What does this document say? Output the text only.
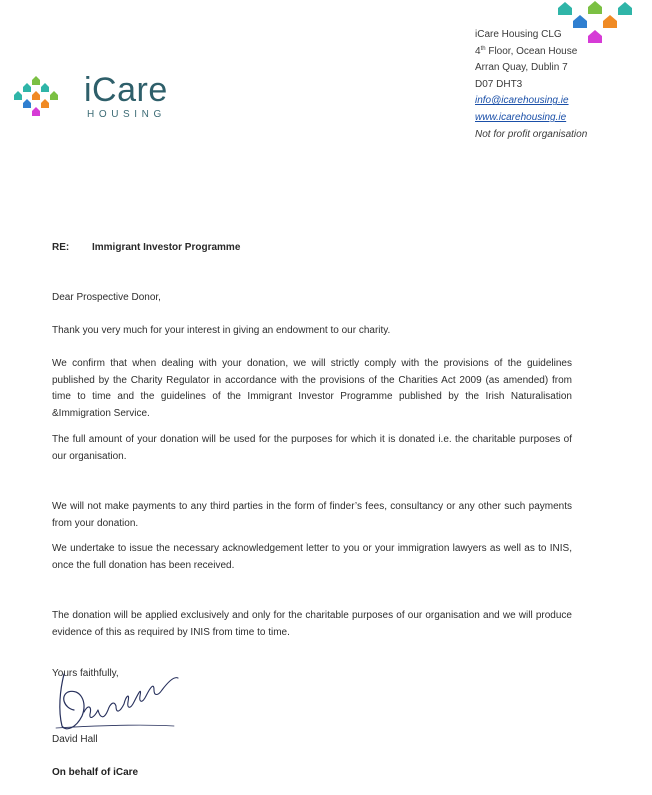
iCare
HOUSING
iCare Housing CLG
4th Floor, Ocean House
Arran Quay, Dublin 7
D07 DHT3
info@icarehousing.ie
www.icarehousing.ie
Not for profit organisation
RE: Immigrant Investor Programme

Dear Prospective Donor,

Thank you very much for your interest in giving an endowment to our charity.

We confirm that when dealing with your donation, we will strictly comply with the provisions of the guidelines published by the Charity Regulator in accordance with the provisions of the Charities Act 2009 (as amended) from time to time and the guidelines of the Immigrant Investor Programme published by the Irish Naturalisation &Immigration Service.

The full amount of your donation will be used for the purposes for which it is donated i.e. the charitable purposes of our organisation.

We will not make payments to any third parties in the form of finder’s fees, consultancy or any other such payments from your donation.

We undertake to issue the necessary acknowledgement letter to you or your immigration lawyers as well as to INIS, once the full donation has been received.

The donation will be applied exclusively and only for the charitable purposes of our organisation and we will produce evidence of this as required by INIS from time to time.

Yours faithfully,
David Hall
On behalf of iCare
